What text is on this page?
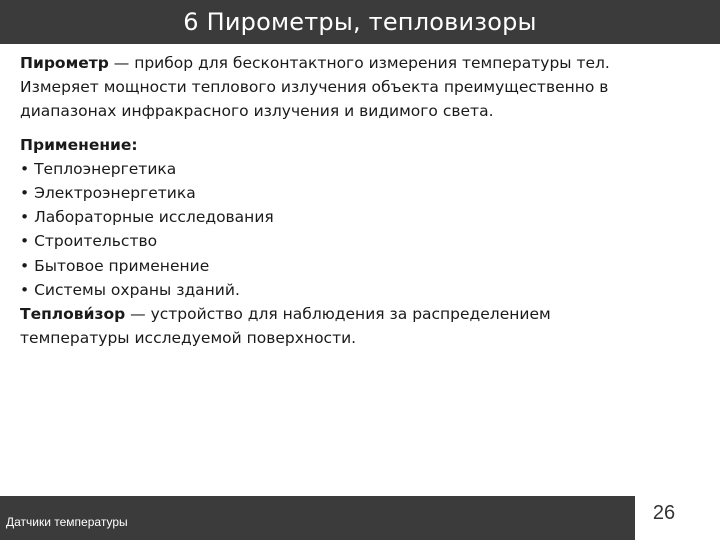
6 Пирометры, тепловизоры

Пирометр — прибор для бесконтактного измерения температуры тел.

Измеряет мощности теплового излучения объекта преимущественно в

диапазонах инфракрасного излучения и видимого света.

Применение:

• Теплоэнергетика

• Электроэнергетика

• Лабораторные исследования

• Строительство

• Бытовое применение

• Системы охраны зданий.

Теплови́зор — устройство для наблюдения за распределением

температуры исследуемой поверхности.

Датчики температуры	26
